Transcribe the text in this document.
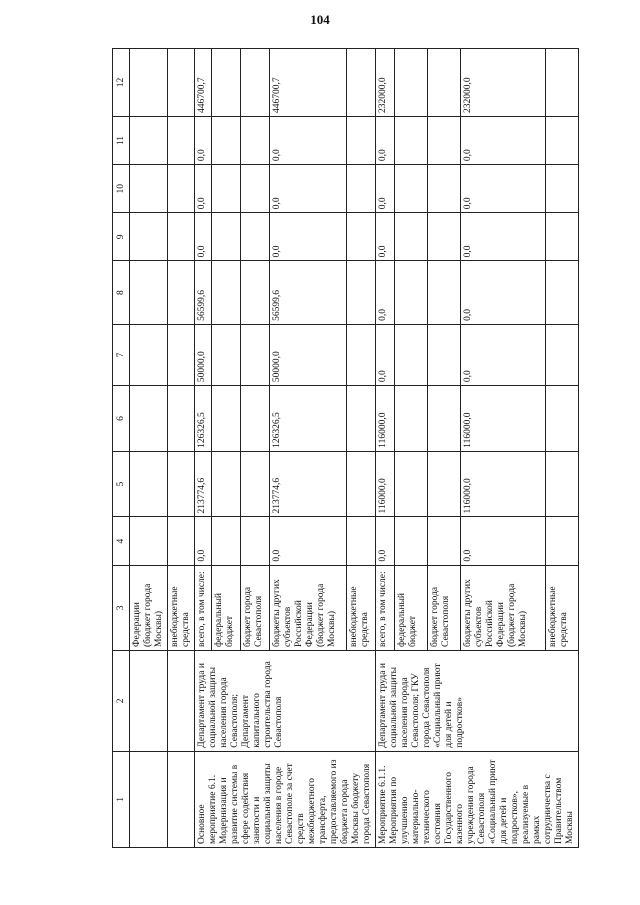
104
1	2	3	4	5	6	7	8	9	10	11	12
		Федерации (бюджет города Москвы)									
		внебюджетные средства									
Основное мероприятие 6.1. Модернизация и развитие системы в сфере содействия занятости и социальной защиты населения в городе Севастополе за счет средств межбюджетного трансферта, предоставляемого из бюджета города Москвы бюджету города Севастополя	Департамент труда и социальной защиты населения города Севастополя; Департамент капитального строительства города Севастополя	всего, в том числе:	0,0	213774,6	126326,5	50000,0	56599,6	0,0	0,0	0,0	446700,7
		федеральный бюджет									
		бюджет города Севастополя									
		бюджеты других субъектов Российской Федерации (бюджет города Москвы)	0,0	213774,6	126326,5	50000,0	56599,6	0,0	0,0	0,0	446700,7
		внебюджетные средства									
Мероприятие 6.1.1. Мероприятия по улучшению материально-технического состояния Государственного казенного учреждения города Севастополя «Социальный приют для детей и подростков», реализуемые в рамках сотрудничества с Правительством Москвы	Департамент труда и социальной защиты населения города Севастополя; ГКУ города Севастополя «Социальный приют для детей и подростков»	всего, в том числе:	0,0	116000,0	116000,0	0,0	0,0	0,0	0,0	0,0	232000,0
		федеральный бюджет									
		бюджет города Севастополя									
		бюджеты других субъектов Российской Федерации (бюджет города Москвы)	0,0	116000,0	116000,0	0,0	0,0	0,0	0,0	0,0	232000,0
		внебюджетные средства									
